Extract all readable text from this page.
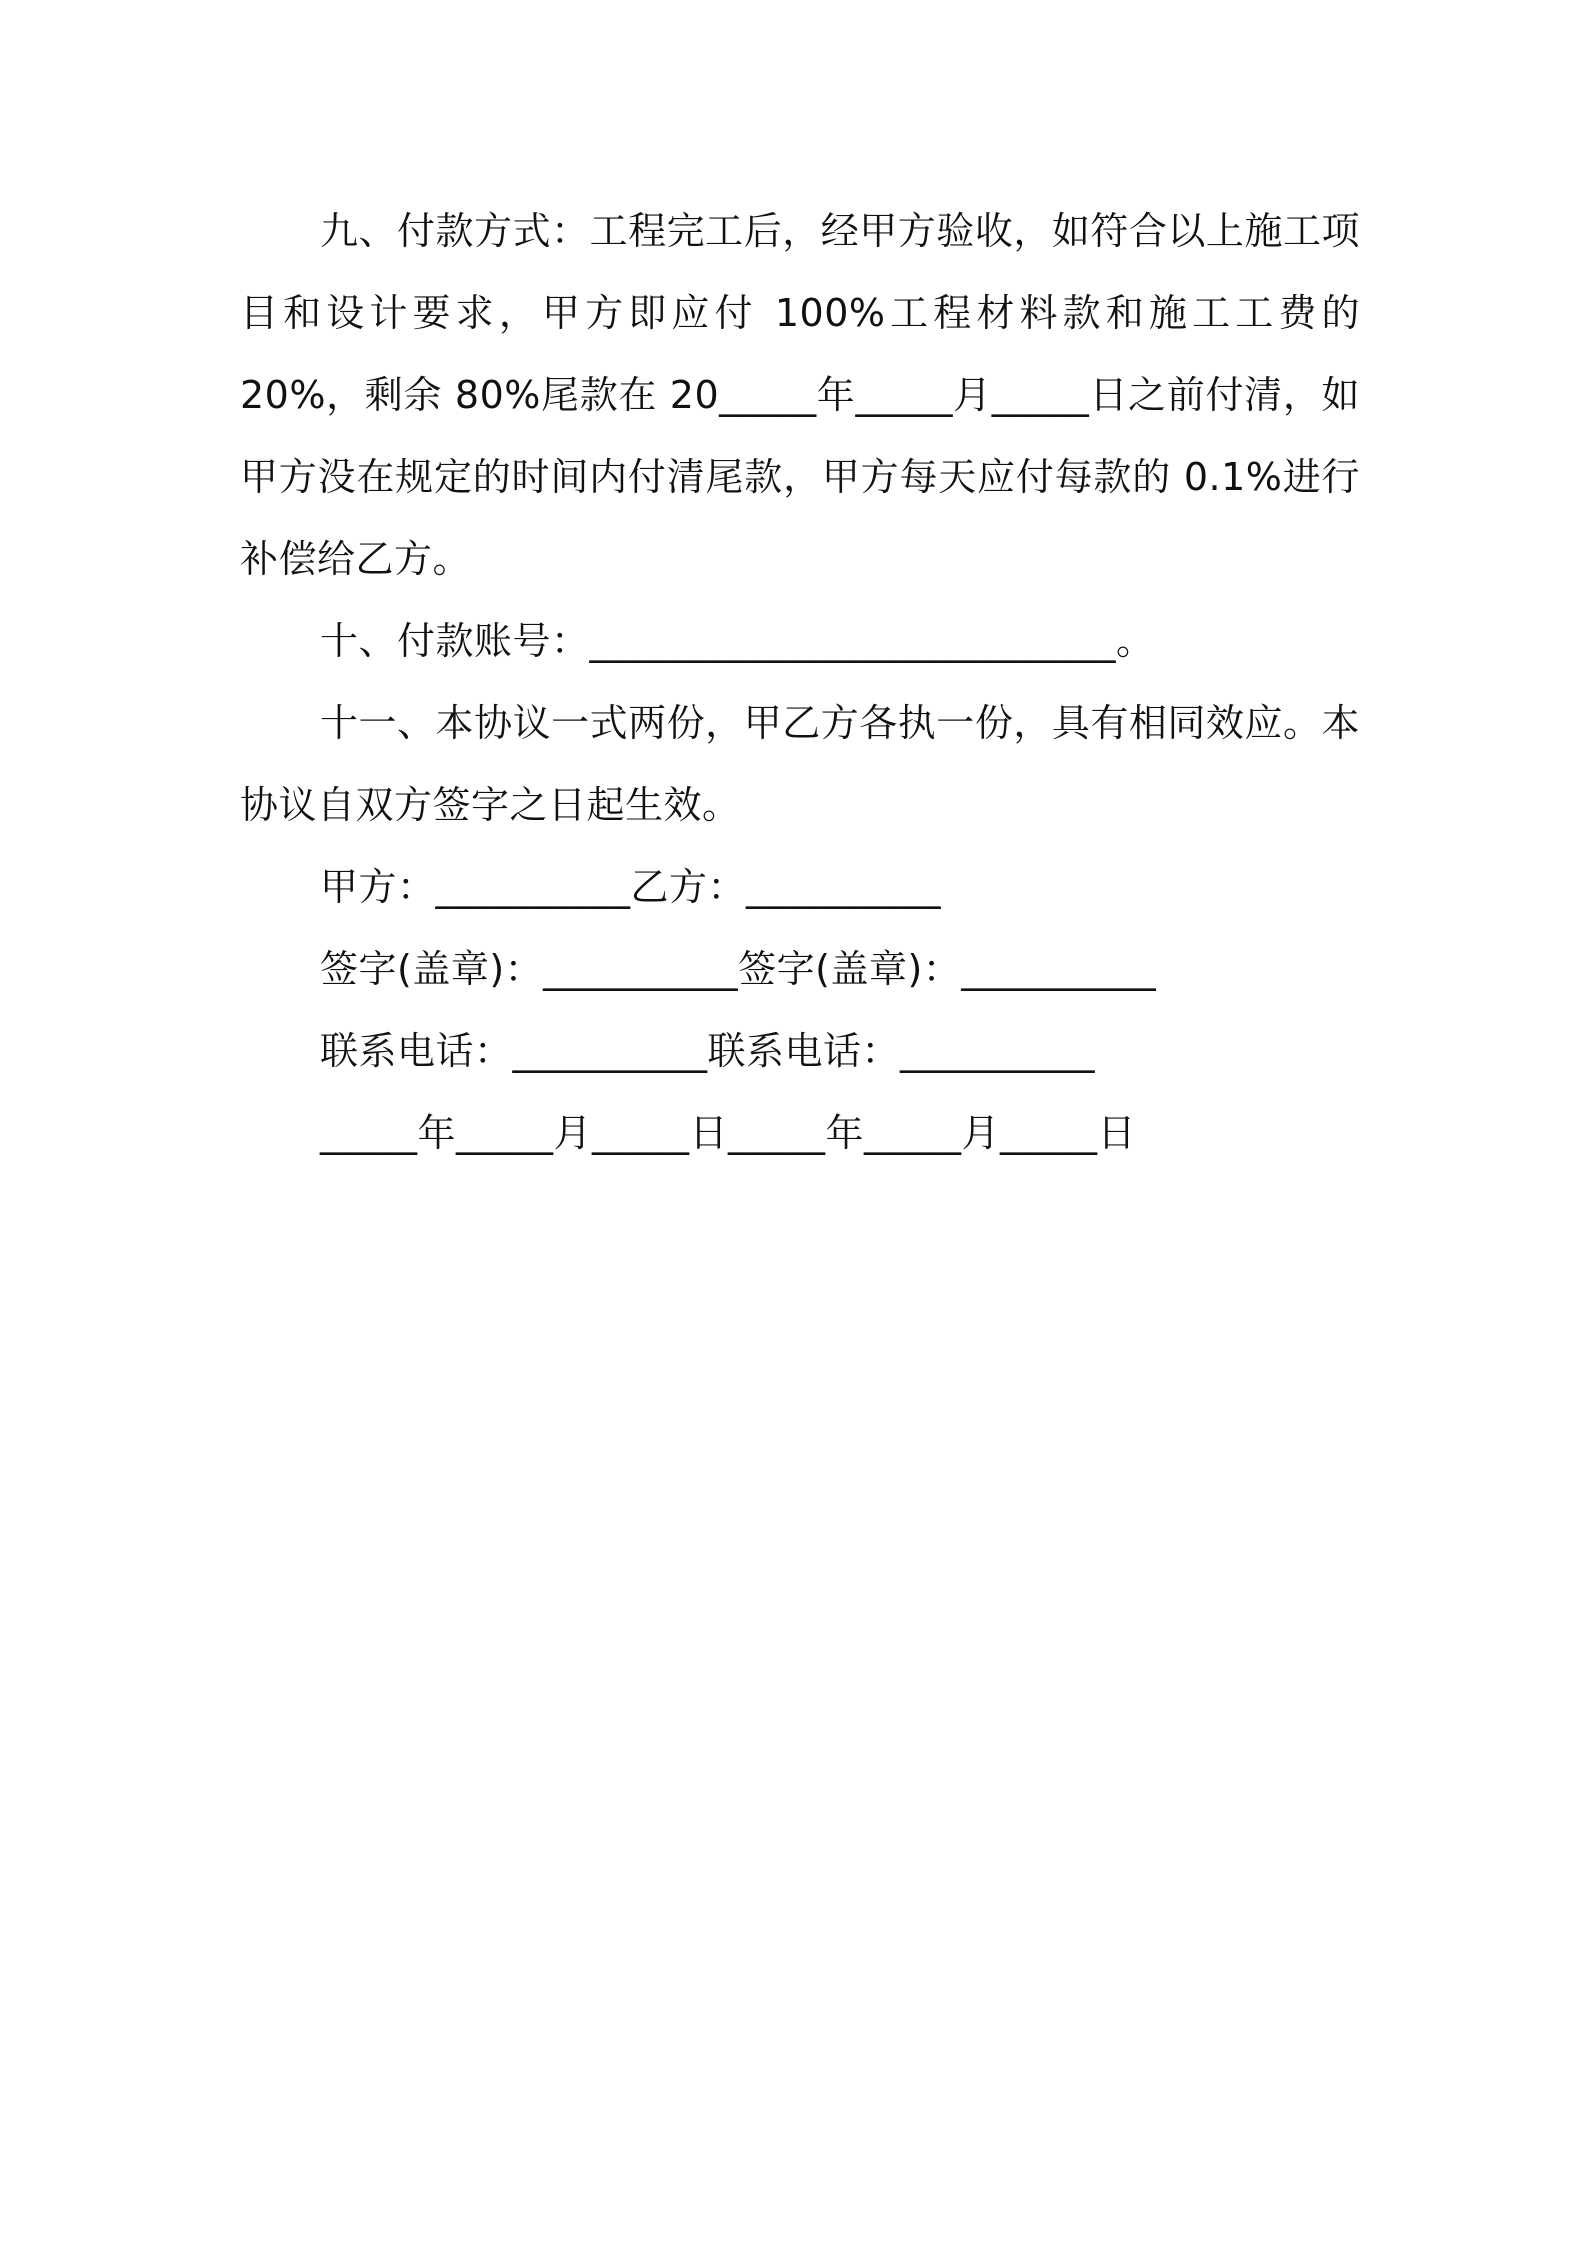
九、付款方式：工程完工后，经甲方验收，如符合以上施工项目和设计要求，甲方即应付 100%工程材料款和施工工费的20%，剩余 80%尾款在 20_____年_____月_____日之前付清，如甲方没在规定的时间内付清尾款，甲方每天应付每款的 0.1%进行补偿给乙方。

十、付款账号：___________________________。

十一、本协议一式两份，甲乙方各执一份，具有相同效应。本协议自双方签字之日起生效。

甲方：__________乙方：__________

签字(盖章)：__________签字(盖章)：__________

联系电话：__________联系电话：__________

_____年_____月_____日_____年_____月_____日
